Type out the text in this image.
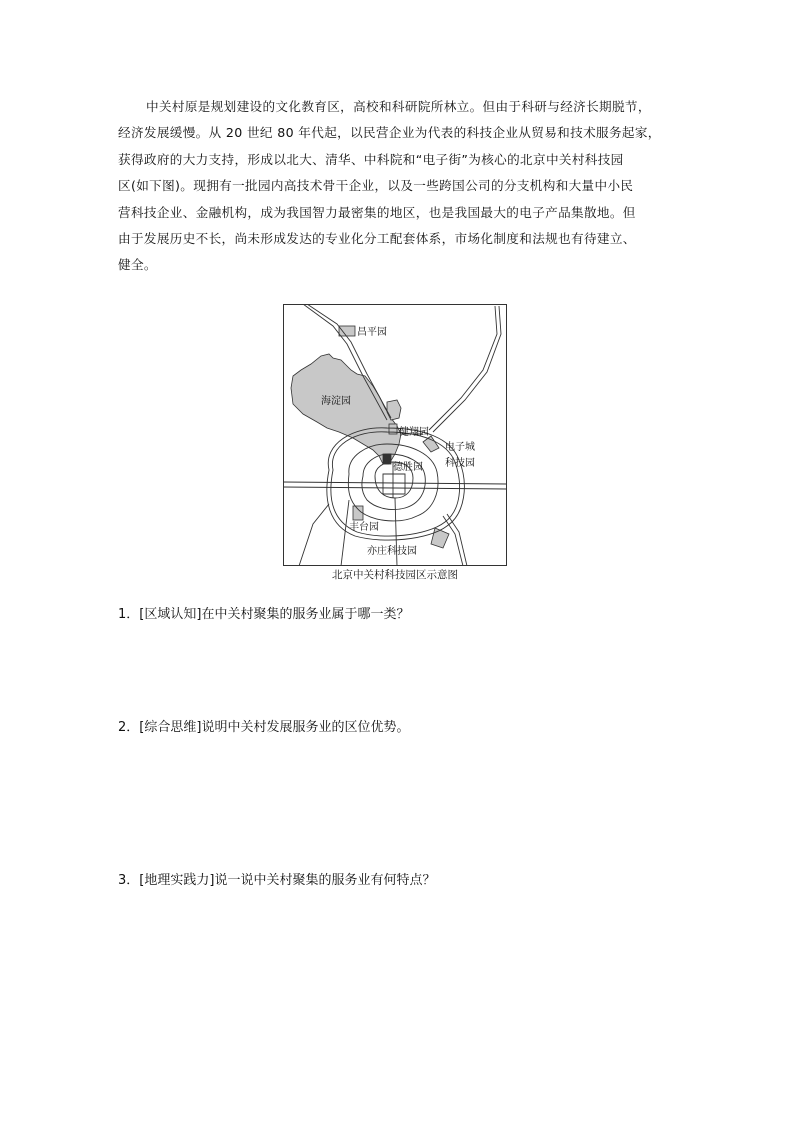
中关村原是规划建设的文化教育区，高校和科研院所林立。但由于科研与经济长期脱节，
经济发展缓慢。从 20 世纪 80 年代起，以民营企业为代表的科技企业从贸易和技术服务起家，
获得政府的大力支持，形成以北大、清华、中科院和“电子街”为核心的北京中关村科技园
区(如下图)。现拥有一批园内高技术骨干企业，以及一些跨国公司的分支机构和大量中小民
营科技企业、金融机构，成为我国智力最密集的地区，也是我国最大的电子产品集散地。但
由于发展历史不长，尚未形成发达的专业化分工配套体系，市场化制度和法规也有待建立、
健全。
昌平园
海淀园
健翔园
电子城
科技园
德胜园
丰台园
亦庄科技园
北京中关村科技园区示意图
1．[区域认知]在中关村聚集的服务业属于哪一类？
2．[综合思维]说明中关村发展服务业的区位优势。
3．[地理实践力]说一说中关村聚集的服务业有何特点？
